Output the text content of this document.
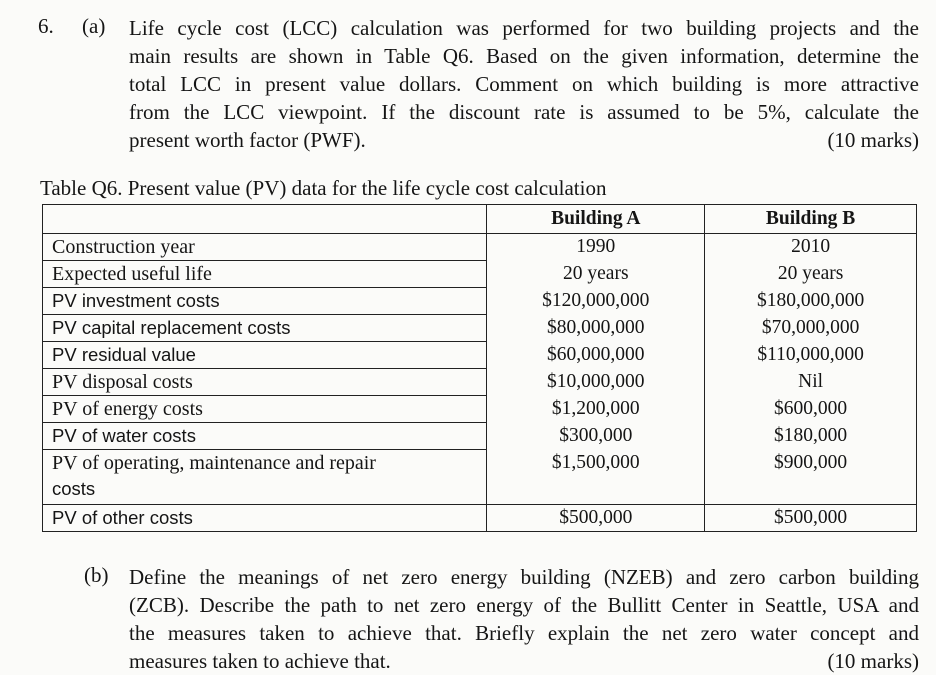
6. (a) Life cycle cost (LCC) calculation was performed for two building projects and the
main results are shown in Table Q6. Based on the given information, determine the
total LCC in present value dollars. Comment on which building is more attractive
from the LCC viewpoint. If the discount rate is assumed to be 5%, calculate the
present worth factor (PWF).	(10 marks)
Table Q6. Present value (PV) data for the life cycle cost calculation
	Building A	Building B
Construction year	1990	2010
Expected useful life	20 years	20 years
PV investment costs	$120,000,000	$180,000,000
PV capital replacement costs	$80,000,000	$70,000,000
PV residual value	$60,000,000	$110,000,000
PV disposal costs	$10,000,000	Nil
PV of energy costs	$1,200,000	$600,000
PV of water costs	$300,000	$180,000

PV of operating, maintenance and repair
costs	$1,500,000	$900,000
PV of other costs	$500,000	$500,000
(b) Define the meanings of net zero energy building (NZEB) and zero carbon building
(ZCB). Describe the path to net zero energy of the Bullitt Center in Seattle, USA and
the measures taken to achieve that. Briefly explain the net zero water concept and
measures taken to achieve that.	(10 marks)
